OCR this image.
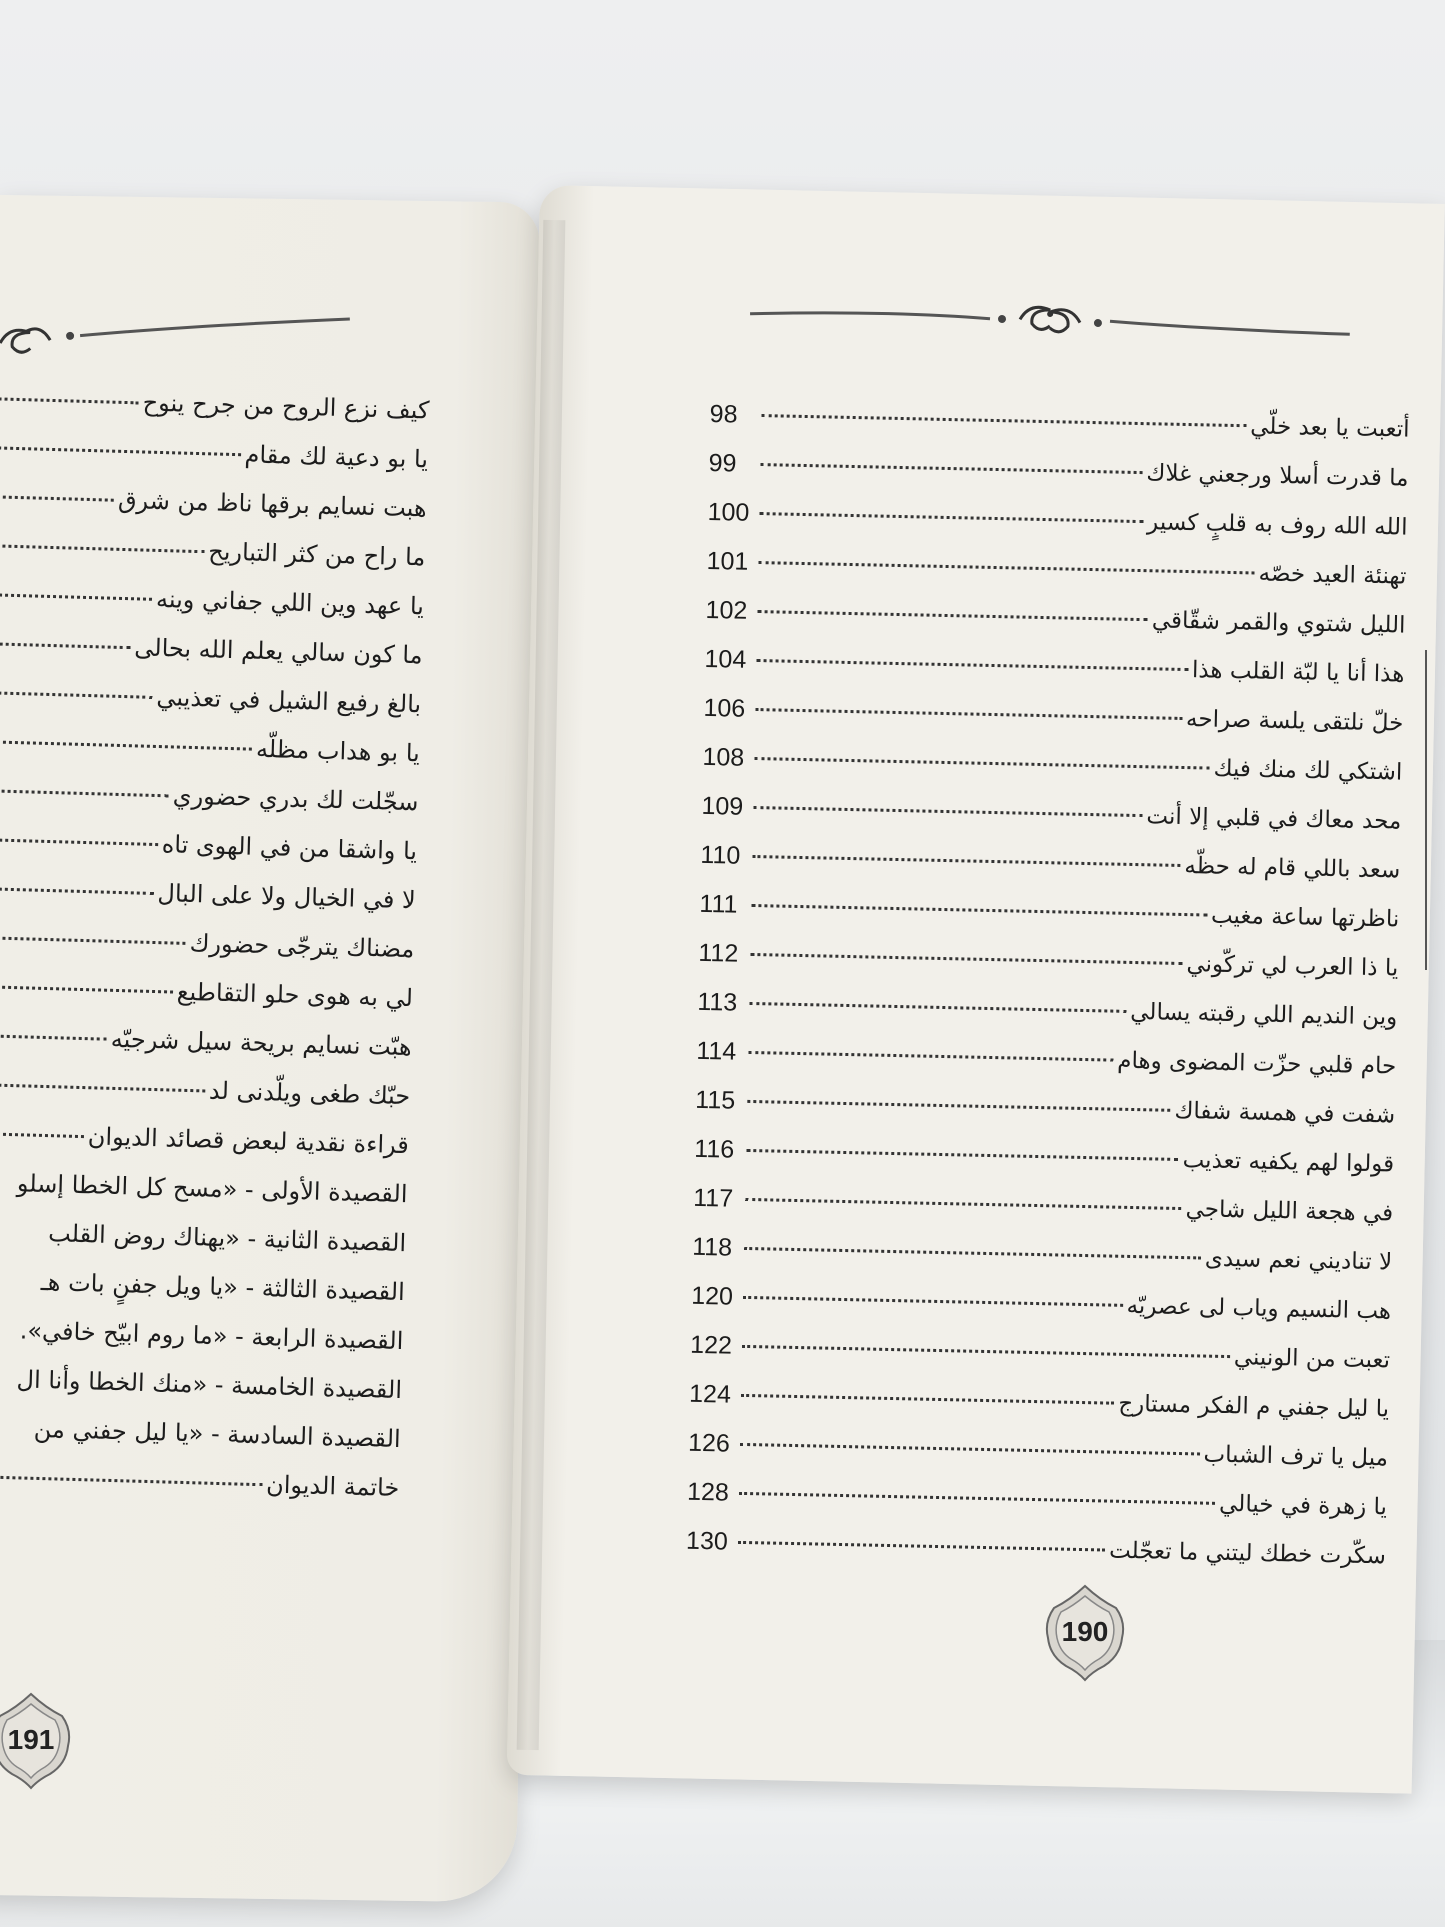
أتعبت يا بعد خلّي
98
ما قدرت أسلا ورجعني غلاك
99
الله الله روف به قلبٍ كسير
100
تهنئة العيد خصّه
101
الليل شتوي والقمر شقّاقي
102
هذا أنا يا لبّة القلب هذا
104
خلّ نلتقى يلسة صراحه
106
اشتكي لك منك فيك
108
محد معاك في قلبي إلا أنت
109
سعد باللي قام له حظّه
110
ناظرتها ساعة مغيب
111
يا ذا العرب لي تركّوني
112
وين النديم اللي رقبته يسالي
113
حام قلبي حزّت المضوى وهام
114
شفت في همسة شفاك
115
قولوا لهم يكفيه تعذيب
116
في هجعة الليل شاجي
117
لا تناديني نعم سيدى
118
هب النسيم وياب لى عصريّه
120
تعبت من الونيني
122
يا ليل جفني م الفكر مستارج
124
ميل يا ترف الشباب
126
يا زهرة في خيالي
128
سكّرت خطك ليتني ما تعجّلت
130
كيف نزع الروح من جرح ينوح
يا بو دعية لك مقام
هبت نسايم برقها ناظ من شرق
ما راح من كثر التباريح
يا عهد وين اللي جفاني وينه
ما كون سالي يعلم الله بحالى
بالغ رفيع الشيل في تعذيبي
يا بو هداب مظلّه
سجّلت لك بدري حضوري
يا واشقا من في الهوى تاه
لا في الخيال ولا على البال
مضناك يترجّى حضورك
لي به هوى حلو التقاطيع
هبّت نسايم بريحة سيل شرجيّه
حبّك طغى ويلّدنى لد
قراءة نقدية لبعض قصائد الديوان
القصيدة الأولى - «مسح كل الخطا إسلو
القصيدة الثانية - «يهناك روض القلب
القصيدة الثالثة - «يا ويل جفنٍ بات هـ
القصيدة الرابعة - «ما روم ابيّح خافي».
القصيدة الخامسة - «منك الخطا وأنا ال
القصيدة السادسة - «يا ليل جفني من
خاتمة الديوان
190
191
